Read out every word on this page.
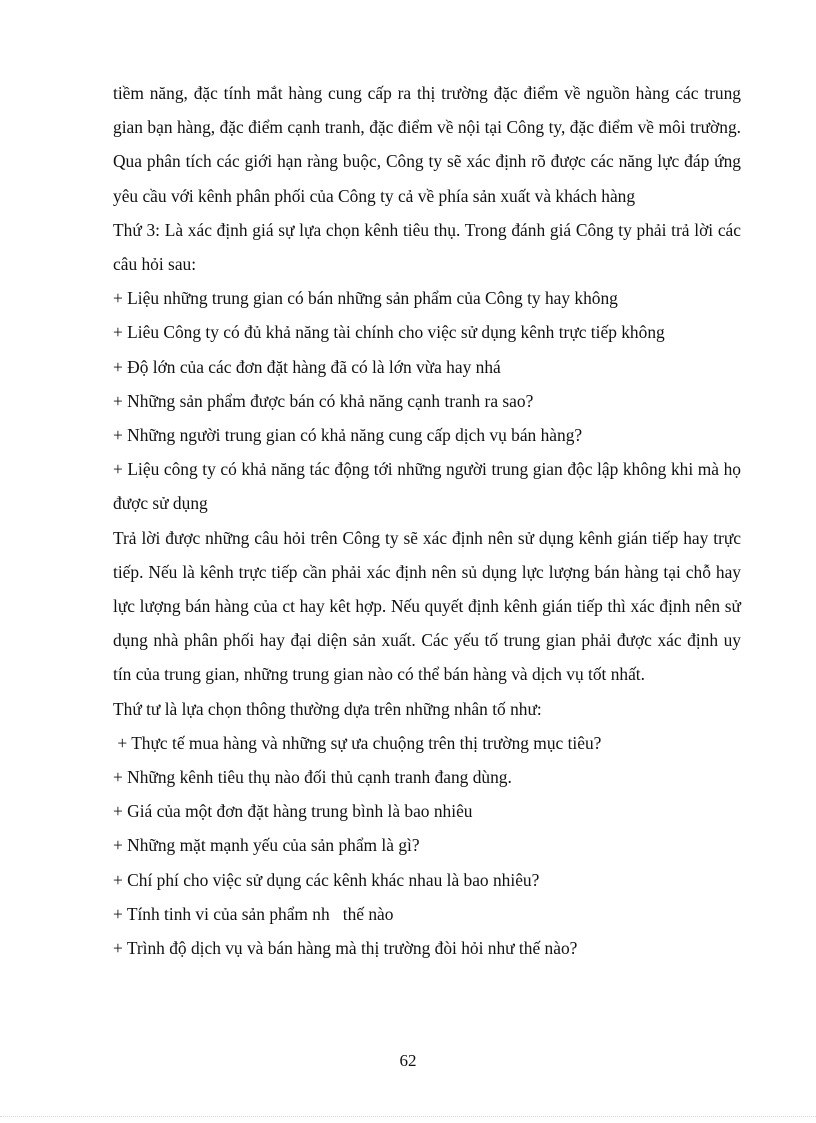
tiềm năng, đặc tính mắt hàng cung cấp ra thị trường đặc điểm về nguồn hàng các trung gian bạn hàng, đặc điểm cạnh tranh, đặc điểm về nội tại Công ty, đặc điểm về môi trường. Qua phân tích các giới hạn ràng buộc, Công ty sẽ xác định rõ được các năng lực đáp ứng yêu cầu với kênh phân phối của Công ty cả về phía sản xuất và khách hàng

Thứ 3: Là xác định giá sự lựa chọn kênh tiêu thụ. Trong đánh giá Công ty phải trả lời các câu hỏi sau:

+ Liệu những trung gian có bán những sản phẩm của Công ty hay không

+ Liêu Công ty có đủ khả năng tài chính cho việc sử dụng kênh trực tiếp không

+ Độ lớn của các đơn đặt hàng đã có là lớn vừa hay nhá

+ Những sản phẩm được bán có khả năng cạnh tranh ra sao?

+ Những người trung gian có khả năng cung cấp dịch vụ bán hàng?

+ Liệu công ty có khả năng tác động tới những người trung gian độc lập không khi mà họ được sử dụng

Trả lời được những câu hỏi trên Công ty sẽ xác định nên sử dụng kênh gián tiếp hay trực tiếp. Nếu là kênh trực tiếp cần phải xác định nên sủ dụng lực lượng bán hàng tại chỗ hay lực lượng bán hàng của ct hay kêt hợp. Nếu quyết định kênh gián tiếp thì xác định nên sử dụng nhà phân phối hay đại diện sản xuất. Các yếu tố trung gian phải được xác định uy tín của trung gian, những trung gian nào có thể bán hàng và dịch vụ tốt nhất.

Thứ tư là lựa chọn thông thường dựa trên những nhân tố như:

+ Thực tế mua hàng và những sự ưa chuộng trên thị trường mục tiêu?

+ Những kênh tiêu thụ nào đối thủ cạnh tranh đang dùng.

+ Giá của một đơn đặt hàng trung bình là bao nhiêu

+ Những mặt mạnh yếu của sản phẩm là gì?

+ Chí phí cho việc sử dụng các kênh khác nhau là bao nhiêu?

+ Tính tinh vi của sản phẩm nh   thế nào

+ Trình độ dịch vụ và bán hàng mà thị trường đòi hỏi như thế nào?

62
